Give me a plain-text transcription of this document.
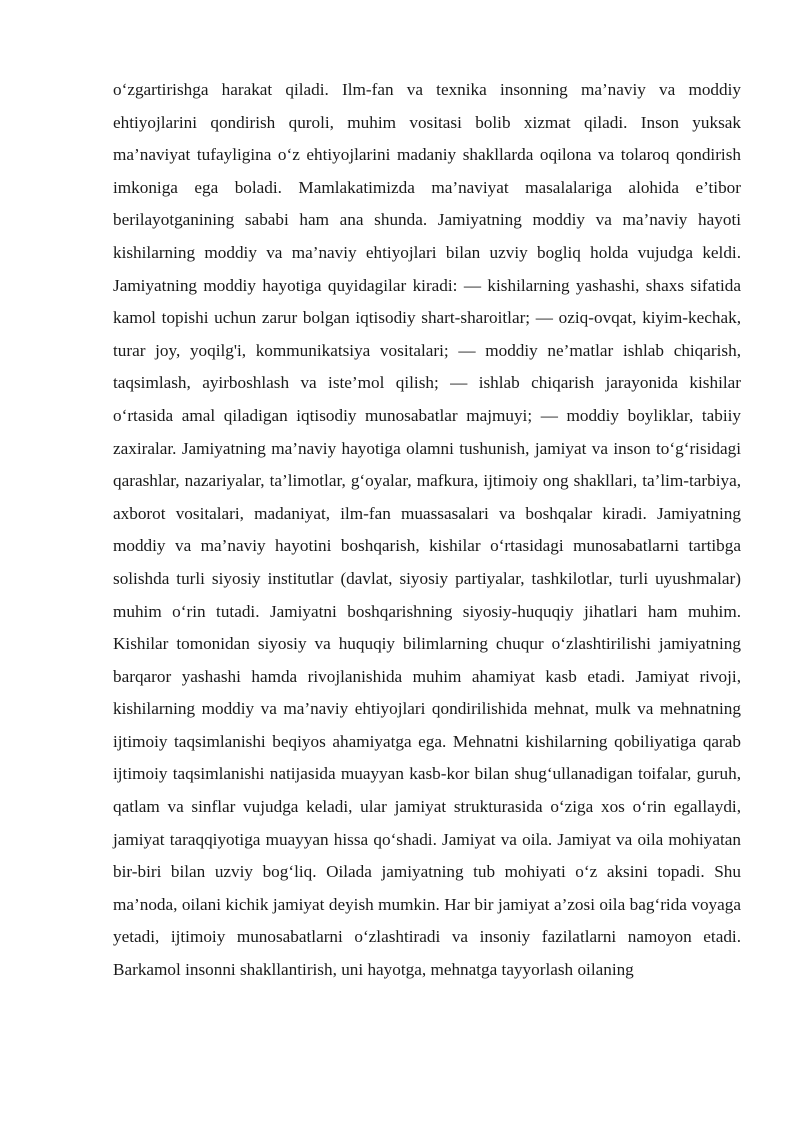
o‘zgartirishga harakat qiladi. Ilm-fan va texnika insonning ma’naviy va moddiy ehtiyojlarini qondirish quroli, muhim vositasi bolib xizmat qiladi. Inson yuksak ma’naviyat tufayligina o‘z ehtiyojlarini madaniy shakllarda oqilona va tolaroq qondirish imkoniga ega boladi. Mamlakatimizda ma’naviyat masalalariga alohida e’tibor berilayotganining sababi ham ana shunda. Jamiyatning moddiy va ma’naviy hayoti kishilarning moddiy va ma’naviy ehtiyojlari bilan uzviy bogliq holda vujudga keldi. Jamiyatning moddiy hayotiga quyidagilar kiradi: — kishilarning yashashi, shaxs sifatida kamol topishi uchun zarur bolgan iqtisodiy shart-sharoitlar; — oziq-ovqat, kiyim-kechak, turar joy, yoqilg'i, kommunikatsiya vositalari; — moddiy ne’matlar ishlab chiqarish, taqsimlash, ayirboshlash va iste’mol qilish; — ishlab chiqarish jarayonida kishilar o‘rtasida amal qiladigan iqtisodiy munosabatlar majmuyi; — moddiy boyliklar, tabiiy zaxiralar. Jamiyatning ma’naviy hayotiga olamni tushunish, jamiyat va inson to‘g‘risidagi qarashlar, nazariyalar, ta’limotlar, g‘oyalar, mafkura, ijtimoiy ong shakllari, ta’lim-tarbiya, axborot vositalari, madaniyat, ilm-fan muassasalari va boshqalar kiradi. Jamiyatning moddiy va ma’naviy hayotini boshqarish, kishilar o‘rtasidagi munosabatlarni tartibga solishda turli siyosiy institutlar (davlat, siyosiy partiyalar, tashkilotlar, turli uyushmalar) muhim o‘rin tutadi. Jamiyatni boshqarishning siyosiy-huquqiy jihatlari ham muhim. Kishilar tomonidan siyosiy va huquqiy bilimlarning chuqur o‘zlashtirilishi jamiyatning barqaror yashashi hamda rivojlanishida muhim ahamiyat kasb etadi. Jamiyat rivoji, kishilarning moddiy va ma’naviy ehtiyojlari qondirilishida mehnat, mulk va mehnatning ijtimoiy taqsimlanishi beqiyos ahamiyatga ega. Mehnatni kishilarning qobiliyatiga qarab ijtimoiy taqsimlanishi natijasida muayyan kasb-kor bilan shug‘ullanadigan toifalar, guruh, qatlam va sinflar vujudga keladi, ular jamiyat strukturasida o‘ziga xos o‘rin egallaydi, jamiyat taraqqiyotiga muayyan hissa qo‘shadi. Jamiyat va oila. Jamiyat va oila mohiyatan bir-biri bilan uzviy bog‘liq. Oilada jamiyatning tub mohiyati o‘z aksini topadi. Shu ma’noda, oilani kichik jamiyat deyish mumkin. Har bir jamiyat a’zosi oila bag‘rida voyaga yetadi, ijtimoiy munosabatlarni o‘zlashtiradi va insoniy fazilatlarni namoyon etadi. Barkamol insonni shakllantirish, uni hayotga, mehnatga tayyorlash oilaning
